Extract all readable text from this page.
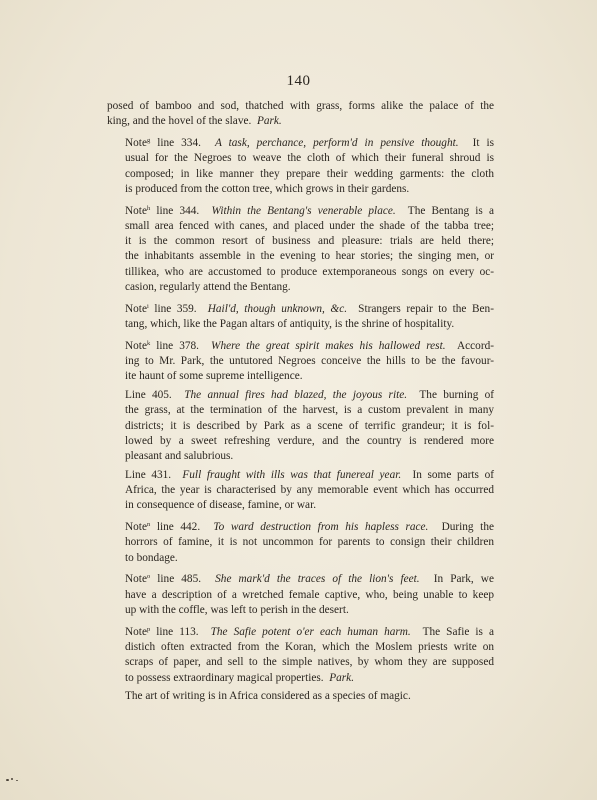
140

posed of bamboo and sod, thatched with grass, forms alike the palace of the
king, and the hovel of the slave.  Park.

Note$^g$ line 334. A task, perchance, perform'd in pensive thought. It is
usual for the Negroes to weave the cloth of which their funeral shroud is
composed; in like manner they prepare their wedding garments: the cloth
is produced from the cotton tree, which grows in their gardens.

Note$^h$ line 344. Within the Bentang's venerable place. The Bentang is a
small area fenced with canes, and placed under the shade of the tabba tree;
it is the common resort of business and pleasure: trials are held there;
the inhabitants assemble in the evening to hear stories; the singing men, or
tillikea, who are accustomed to produce extemporaneous songs on every oc-
casion, regularly attend the Bentang.

Note$^i$ line 359. Hail'd, though unknown, &c. Strangers repair to the Ben-
tang, which, like the Pagan altars of antiquity, is the shrine of hospitality.

Note$^k$ line 378. Where the great spirit makes his hallowed rest. Accord-
ing to Mr. Park, the untutored Negroes conceive the hills to be the favour-
ite haunt of some supreme intelligence.

Line 405. The annual fires had blazed, the joyous rite. The burning of
the grass, at the termination of the harvest, is a custom prevalent in many
districts; it is described by Park as a scene of terrific grandeur; it is fol-
lowed by a sweet refreshing verdure, and the country is rendered more
pleasant and salubrious.

Line 431. Full fraught with ills was that funereal year. In some parts of
Africa, the year is characterised by any memorable event which has occurred
in consequence of disease, famine, or war.

Note$^n$ line 442. To ward destruction from his hapless race. During the
horrors of famine, it is not uncommon for parents to consign their children
to bondage.

Note$^o$ line 485. She mark'd the traces of the lion's feet. In Park, we
have a description of a wretched female captive, who, being unable to keep
up with the coffle, was left to perish in the desert.

Note$^p$ line 113. The Safie potent o'er each human harm. The Safie is a
distich often extracted from the Koran, which the Moslem priests write on
scraps of paper, and sell to the simple natives, by whom they are supposed
to possess extraordinary magical properties.  Park.

The art of writing is in Africa considered as a species of magic.
